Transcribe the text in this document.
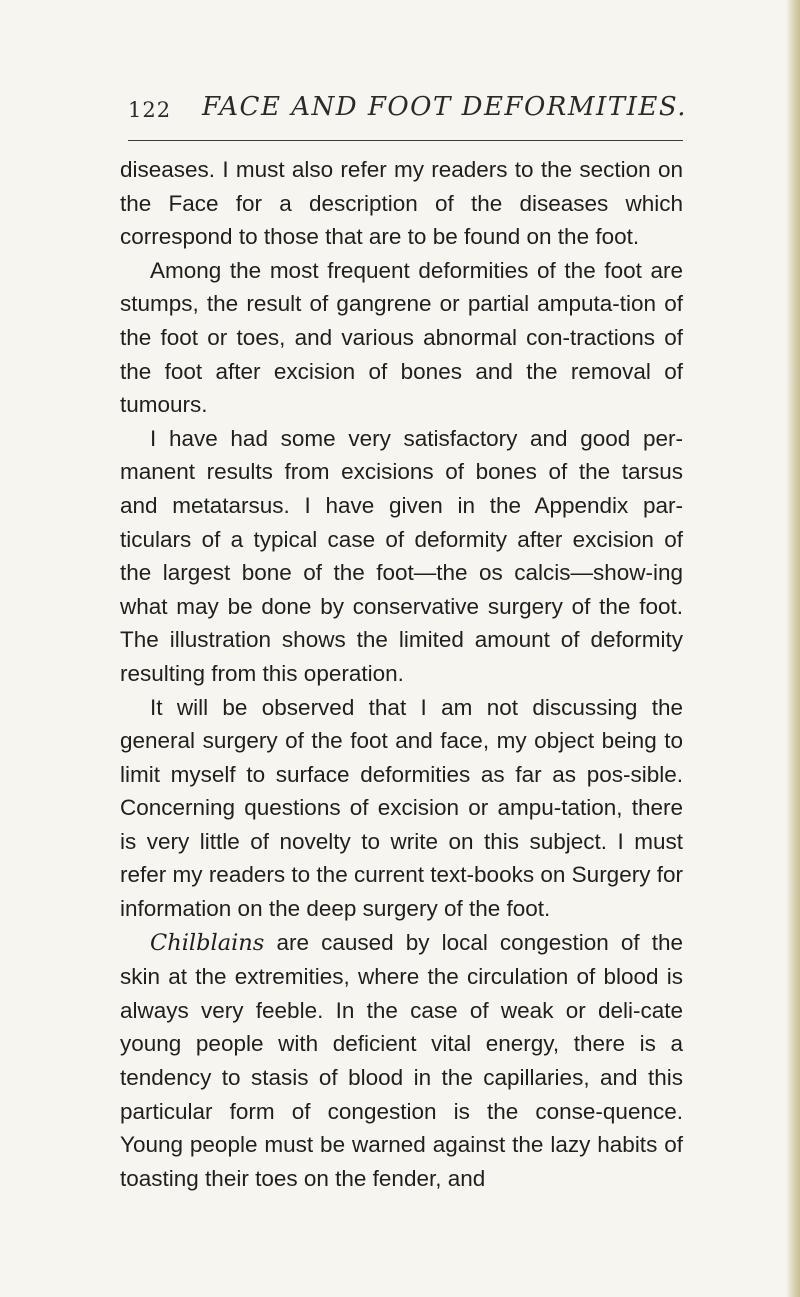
122 FACE AND FOOT DEFORMITIES.

diseases. I must also refer my readers to the section on the Face for a description of the diseases which correspond to those that are to be found on the foot.

Among the most frequent deformities of the foot are stumps, the result of gangrene or partial amputa-tion of the foot or toes, and various abnormal con-tractions of the foot after excision of bones and the removal of tumours.

I have had some very satisfactory and good per-manent results from excisions of bones of the tarsus and metatarsus. I have given in the Appendix par-ticulars of a typical case of deformity after excision of the largest bone of the foot—the os calcis—show-ing what may be done by conservative surgery of the foot. The illustration shows the limited amount of deformity resulting from this operation.

It will be observed that I am not discussing the general surgery of the foot and face, my object being to limit myself to surface deformities as far as pos-sible. Concerning questions of excision or ampu-tation, there is very little of novelty to write on this subject. I must refer my readers to the current text-books on Surgery for information on the deep surgery of the foot.

Chilblains are caused by local congestion of the skin at the extremities, where the circulation of blood is always very feeble. In the case of weak or deli-cate young people with deficient vital energy, there is a tendency to stasis of blood in the capillaries, and this particular form of congestion is the conse-quence. Young people must be warned against the lazy habits of toasting their toes on the fender, and
